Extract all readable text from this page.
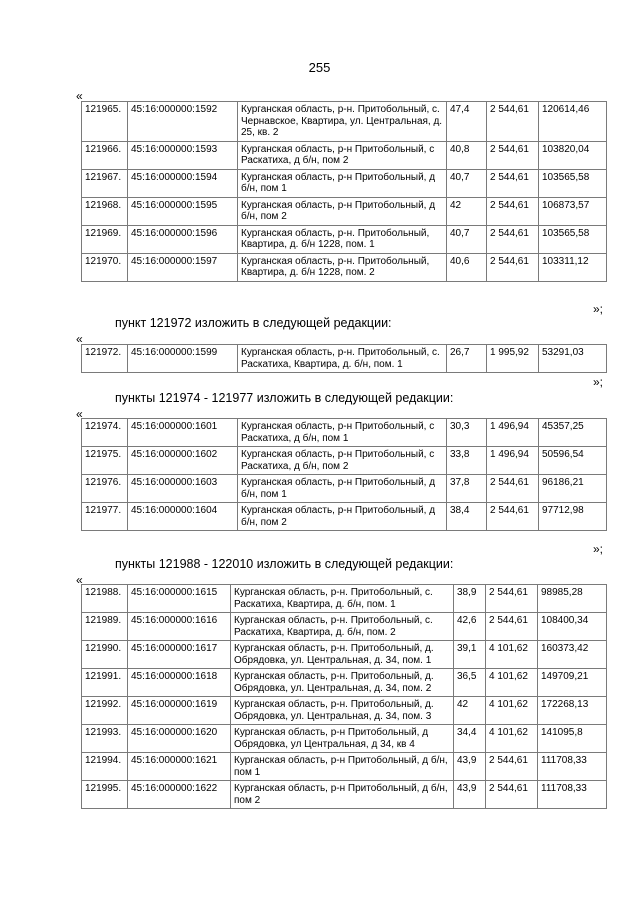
255
«
121965.	45:16:000000:1592	Курганская область, р-н. Притобольный, с. Чернавское, Квартира, ул. Центральная, д. 25, кв. 2	47,4	2 544,61	120614,46
121966.	45:16:000000:1593	Курганская область, р-н Притобольный, с Раскатиха, д б/н, пом 2	40,8	2 544,61	103820,04
121967.	45:16:000000:1594	Курганская область, р-н Притобольный, д б/н, пом 1	40,7	2 544,61	103565,58
121968.	45:16:000000:1595	Курганская область, р-н Притобольный, д б/н, пом 2	42	2 544,61	106873,57
121969.	45:16:000000:1596	Курганская область, р-н. Притобольный, Квартира, д. б/н 1228, пом. 1	40,7	2 544,61	103565,58
121970.	45:16:000000:1597	Курганская область, р-н. Притобольный, Квартира, д. б/н 1228, пом. 2	40,6	2 544,61	103311,12
»;
пункт 121972 изложить в следующей редакции:
«
121972.	45:16:000000:1599	Курганская область, р-н. Притобольный, с. Раскатиха, Квартира, д. б/н, пом. 1	26,7	1 995,92	53291,03
»;
пункты 121974 - 121977 изложить в следующей редакции:
«
121974.	45:16:000000:1601	Курганская область, р-н Притобольный, с Раскатиха, д б/н, пом 1	30,3	1 496,94	45357,25
121975.	45:16:000000:1602	Курганская область, р-н Притобольный, с Раскатиха, д б/н, пом 2	33,8	1 496,94	50596,54
121976.	45:16:000000:1603	Курганская область, р-н Притобольный, д б/н, пом 1	37,8	2 544,61	96186,21
121977.	45:16:000000:1604	Курганская область, р-н Притобольный, д б/н, пом 2	38,4	2 544,61	97712,98
»;
пункты 121988 - 122010 изложить в следующей редакции:
«
121988.	45:16:000000:1615	Курганская область, р-н. Притобольный, с. Раскатиха, Квартира, д. б/н, пом. 1	38,9	2 544,61	98985,28
121989.	45:16:000000:1616	Курганская область, р-н. Притобольный, с. Раскатиха, Квартира, д. б/н, пом. 2	42,6	2 544,61	108400,34
121990.	45:16:000000:1617	Курганская область, р-н. Притобольный, д. Обрядовка, ул. Центральная, д. 34, пом. 1	39,1	4 101,62	160373,42
121991.	45:16:000000:1618	Курганская область, р-н. Притобольный, д. Обрядовка, ул. Центральная, д. 34, пом. 2	36,5	4 101,62	149709,21
121992.	45:16:000000:1619	Курганская область, р-н. Притобольный, д. Обрядовка, ул. Центральная, д. 34, пом. 3	42	4 101,62	172268,13
121993.	45:16:000000:1620	Курганская область, р-н Притобольный, д Обрядовка, ул Центральная, д 34, кв 4	34,4	4 101,62	141095,8
121994.	45:16:000000:1621	Курганская область, р-н Притобольный, д б/н, пом 1	43,9	2 544,61	111708,33
121995.	45:16:000000:1622	Курганская область, р-н Притобольный, д б/н, пом 2	43,9	2 544,61	111708,33
